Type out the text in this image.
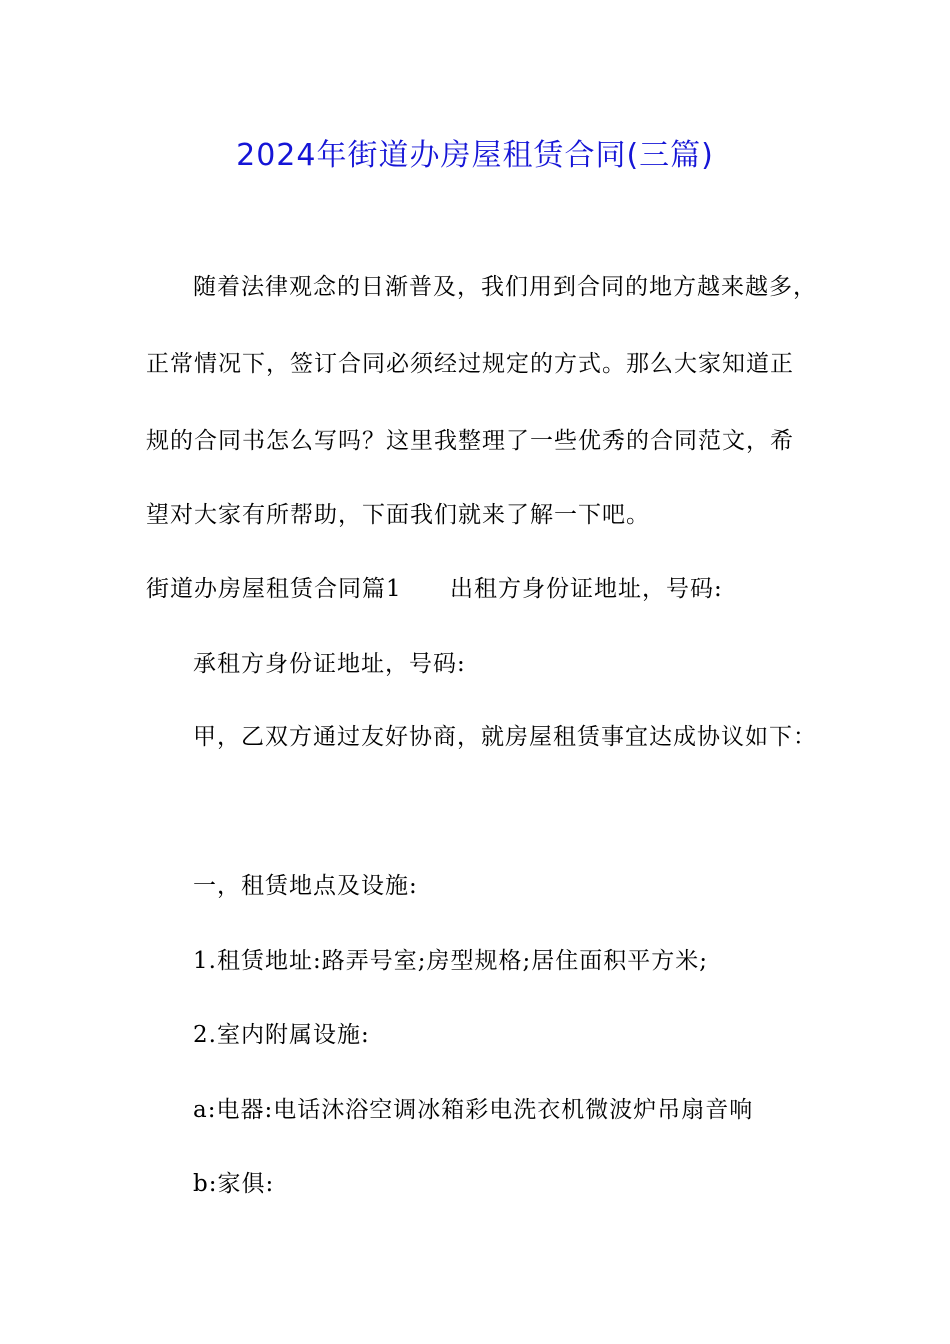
2024年街道办房屋租赁合同(三篇)
随着法律观念的日渐普及，我们用到合同的地方越来越多，
正常情况下，签订合同必须经过规定的方式。那么大家知道正
规的合同书怎么写吗？这里我整理了一些优秀的合同范文，希
望对大家有所帮助，下面我们就来了解一下吧。
街道办房屋租赁合同篇1 出租方身份证地址，号码:
承租方身份证地址，号码:
甲，乙双方通过友好协商，就房屋租赁事宜达成协议如下：
一，租赁地点及设施:
1.租赁地址:路弄号室;房型规格;居住面积平方米;
2.室内附属设施:
a:电器:电话沐浴空调冰箱彩电洗衣机微波炉吊扇音响
b:家俱:
